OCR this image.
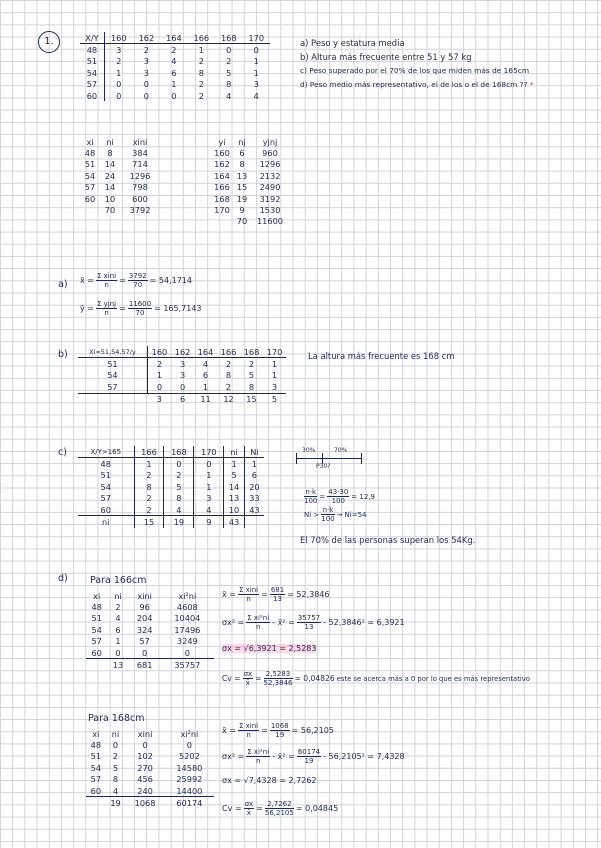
1.	X/Y	160	162	164	166	168	170
48	3	2	2	1	0	0
51	2	3	4	2	2	1
54	1	3	6	8	5	1
57	0	0	1	2	8	3
60	0	0	0	2	4	4
a) Peso y estatura media
b) Altura más frecuente entre 51 y 57 kg
c) Peso superado por el 70% de los que miden más de 165cm
d) Peso medio más representativo, el de los o el de 168cm ?? *
xi	ni	xini
48	8	384
51	14	714
54	24	1296
57	14	798
60	10	600
	70	3792
yi	nj	yjnj
160	6	960
162	8	1296
164	13	2132
166	15	2490
168	19	3192
170	9	1530
	70	11600
a) x̄ = $\frac{\text{Σ xini}}{n} = \frac{3792}{70} = 54,1714$
ȳ = $\frac{\text{Σ yjnj}}{n} = \frac{11600}{70} = 165,7143$
b)	Xi=51,54,57/y	160	162	164	166	168	170
51	2	3	4	2	2	1
54	1	3	6	8	5	1
57	0	0	1	2	8	3
	3	6	11	12	15	5
La altura más frecuente es 168 cm
c)	X/Y>165	166	168	170	ni	Ni
48	1	0	0	1	1
51	2	2	1	5	6
54	8	5	1	14	20
57	2	8	3	13	33
60	2	4	4	10	43
ni	15	19	9	43	
30%	70%
P30?
$\frac{n\cdot k}{100} = \frac{43\cdot 30}{100} = 12,9$
$Ni > \frac{n\cdot k}{100} \to Ni=54$
El 70% de las personas superan los 54Kg.
d) Para 166cm
xi	ni	xini	xi²ni
48	2	96	4608
51	4	204	10404
54	6	324	17496
57	1	57	3249
60	0	0	0
	13	681	35757
x̄ = $\frac{\text{Σ xini}}{n} = \frac{681}{13} = 52,3846$
$\sigma x^2 = \frac{\text{Σ xi²ni}}{n}$ - x̄² = $\frac{35757}{13} - 52,3846^2 = 6,3921$
σx = √6,3921 = 2,5283
$Cv = \frac{\sigma x}{x̄} = \frac{2,5283}{52,3846} = 0,04826$ este se acerca más a 0 por lo que es más representativo
Para 168cm
xi	ni	xini	xi²ni
48	0	0	0
51	2	102	5202
54	5	270	14580
57	8	456	25992
60	4	240	14400
	19	1068	60174
x̄ = $\frac{\text{Σ xini}}{n} = \frac{1068}{19} = 56,2105$
$\sigma x^2 = \frac{\text{Σ xi²ni}}{n}$ - x̄² = $\frac{60174}{19} - 56,2105^2 = 7,4328$
σx = √7,4328 = 2,7262
$Cv = \frac{\sigma x}{x̄} = \frac{2,7262}{56,2105} = 0,04845$
